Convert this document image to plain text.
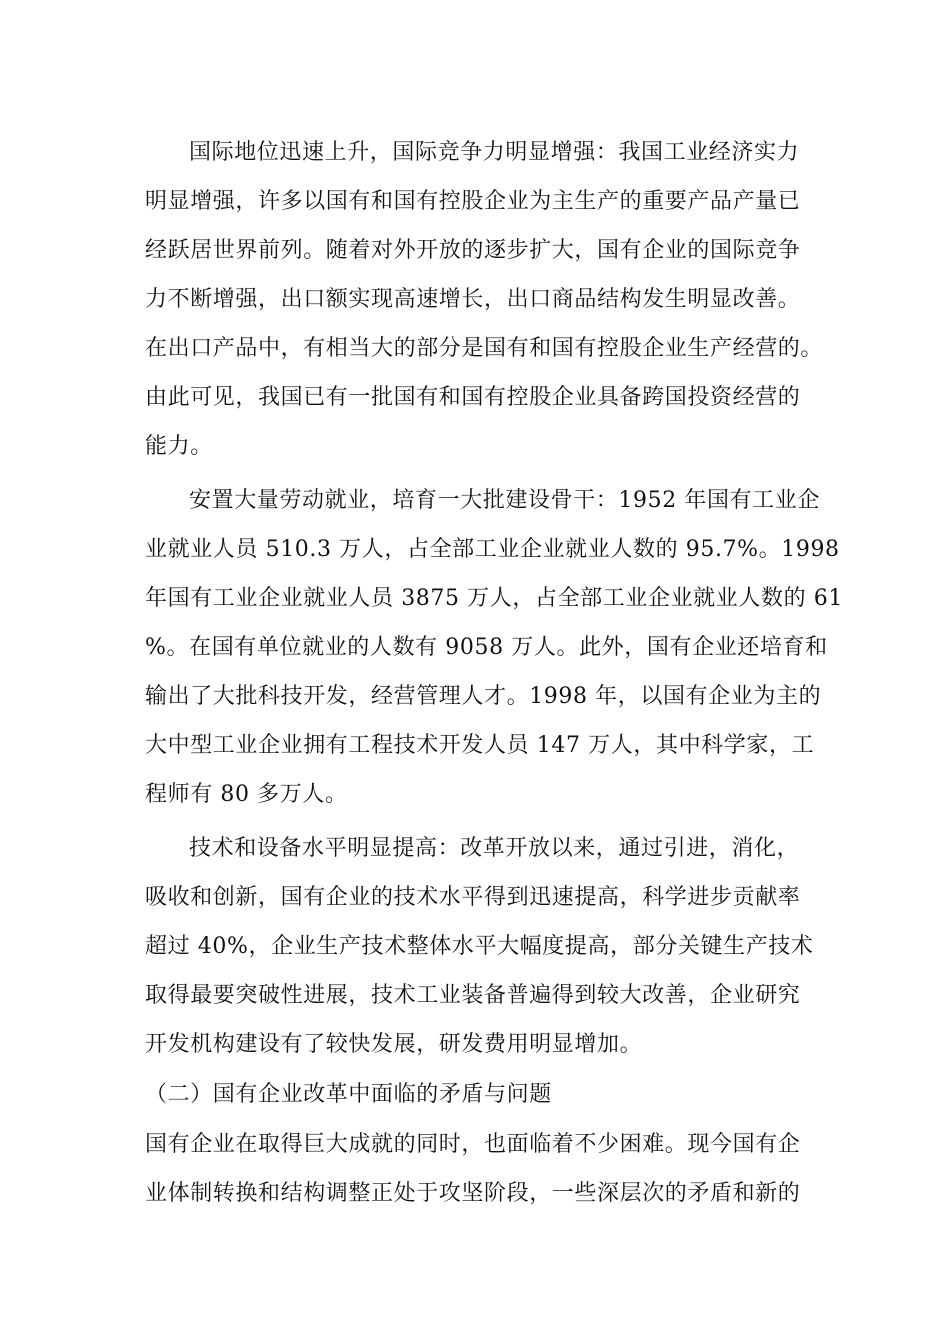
国际地位迅速上升，国际竞争力明显增强：我国工业经济实力
明显增强，许多以国有和国有控股企业为主生产的重要产品产量已
经跃居世界前列。随着对外开放的逐步扩大，国有企业的国际竞争
力不断增强，出口额实现高速增长，出口商品结构发生明显改善。
在出口产品中，有相当大的部分是国有和国有控股企业生产经营的。
由此可见，我国已有一批国有和国有控股企业具备跨国投资经营的
能力。
安置大量劳动就业，培育一大批建设骨干：1952 年国有工业企
业就业人员 510.3 万人，占全部工业企业就业人数的 95.7%。1998
年国有工业企业就业人员 3875 万人，占全部工业企业就业人数的 61
%。在国有单位就业的人数有 9058 万人。此外，国有企业还培育和
输出了大批科技开发，经营管理人才。1998 年，以国有企业为主的
大中型工业企业拥有工程技术开发人员 147 万人，其中科学家，工
程师有 80 多万人。
技术和设备水平明显提高：改革开放以来，通过引进，消化，
吸收和创新，国有企业的技术水平得到迅速提高，科学进步贡献率
超过 40%，企业生产技术整体水平大幅度提高，部分关键生产技术
取得最要突破性进展，技术工业装备普遍得到较大改善，企业研究
开发机构建设有了较快发展，研发费用明显增加。
（二）国有企业改革中面临的矛盾与问题
国有企业在取得巨大成就的同时，也面临着不少困难。现今国有企
业体制转换和结构调整正处于攻坚阶段，一些深层次的矛盾和新的
